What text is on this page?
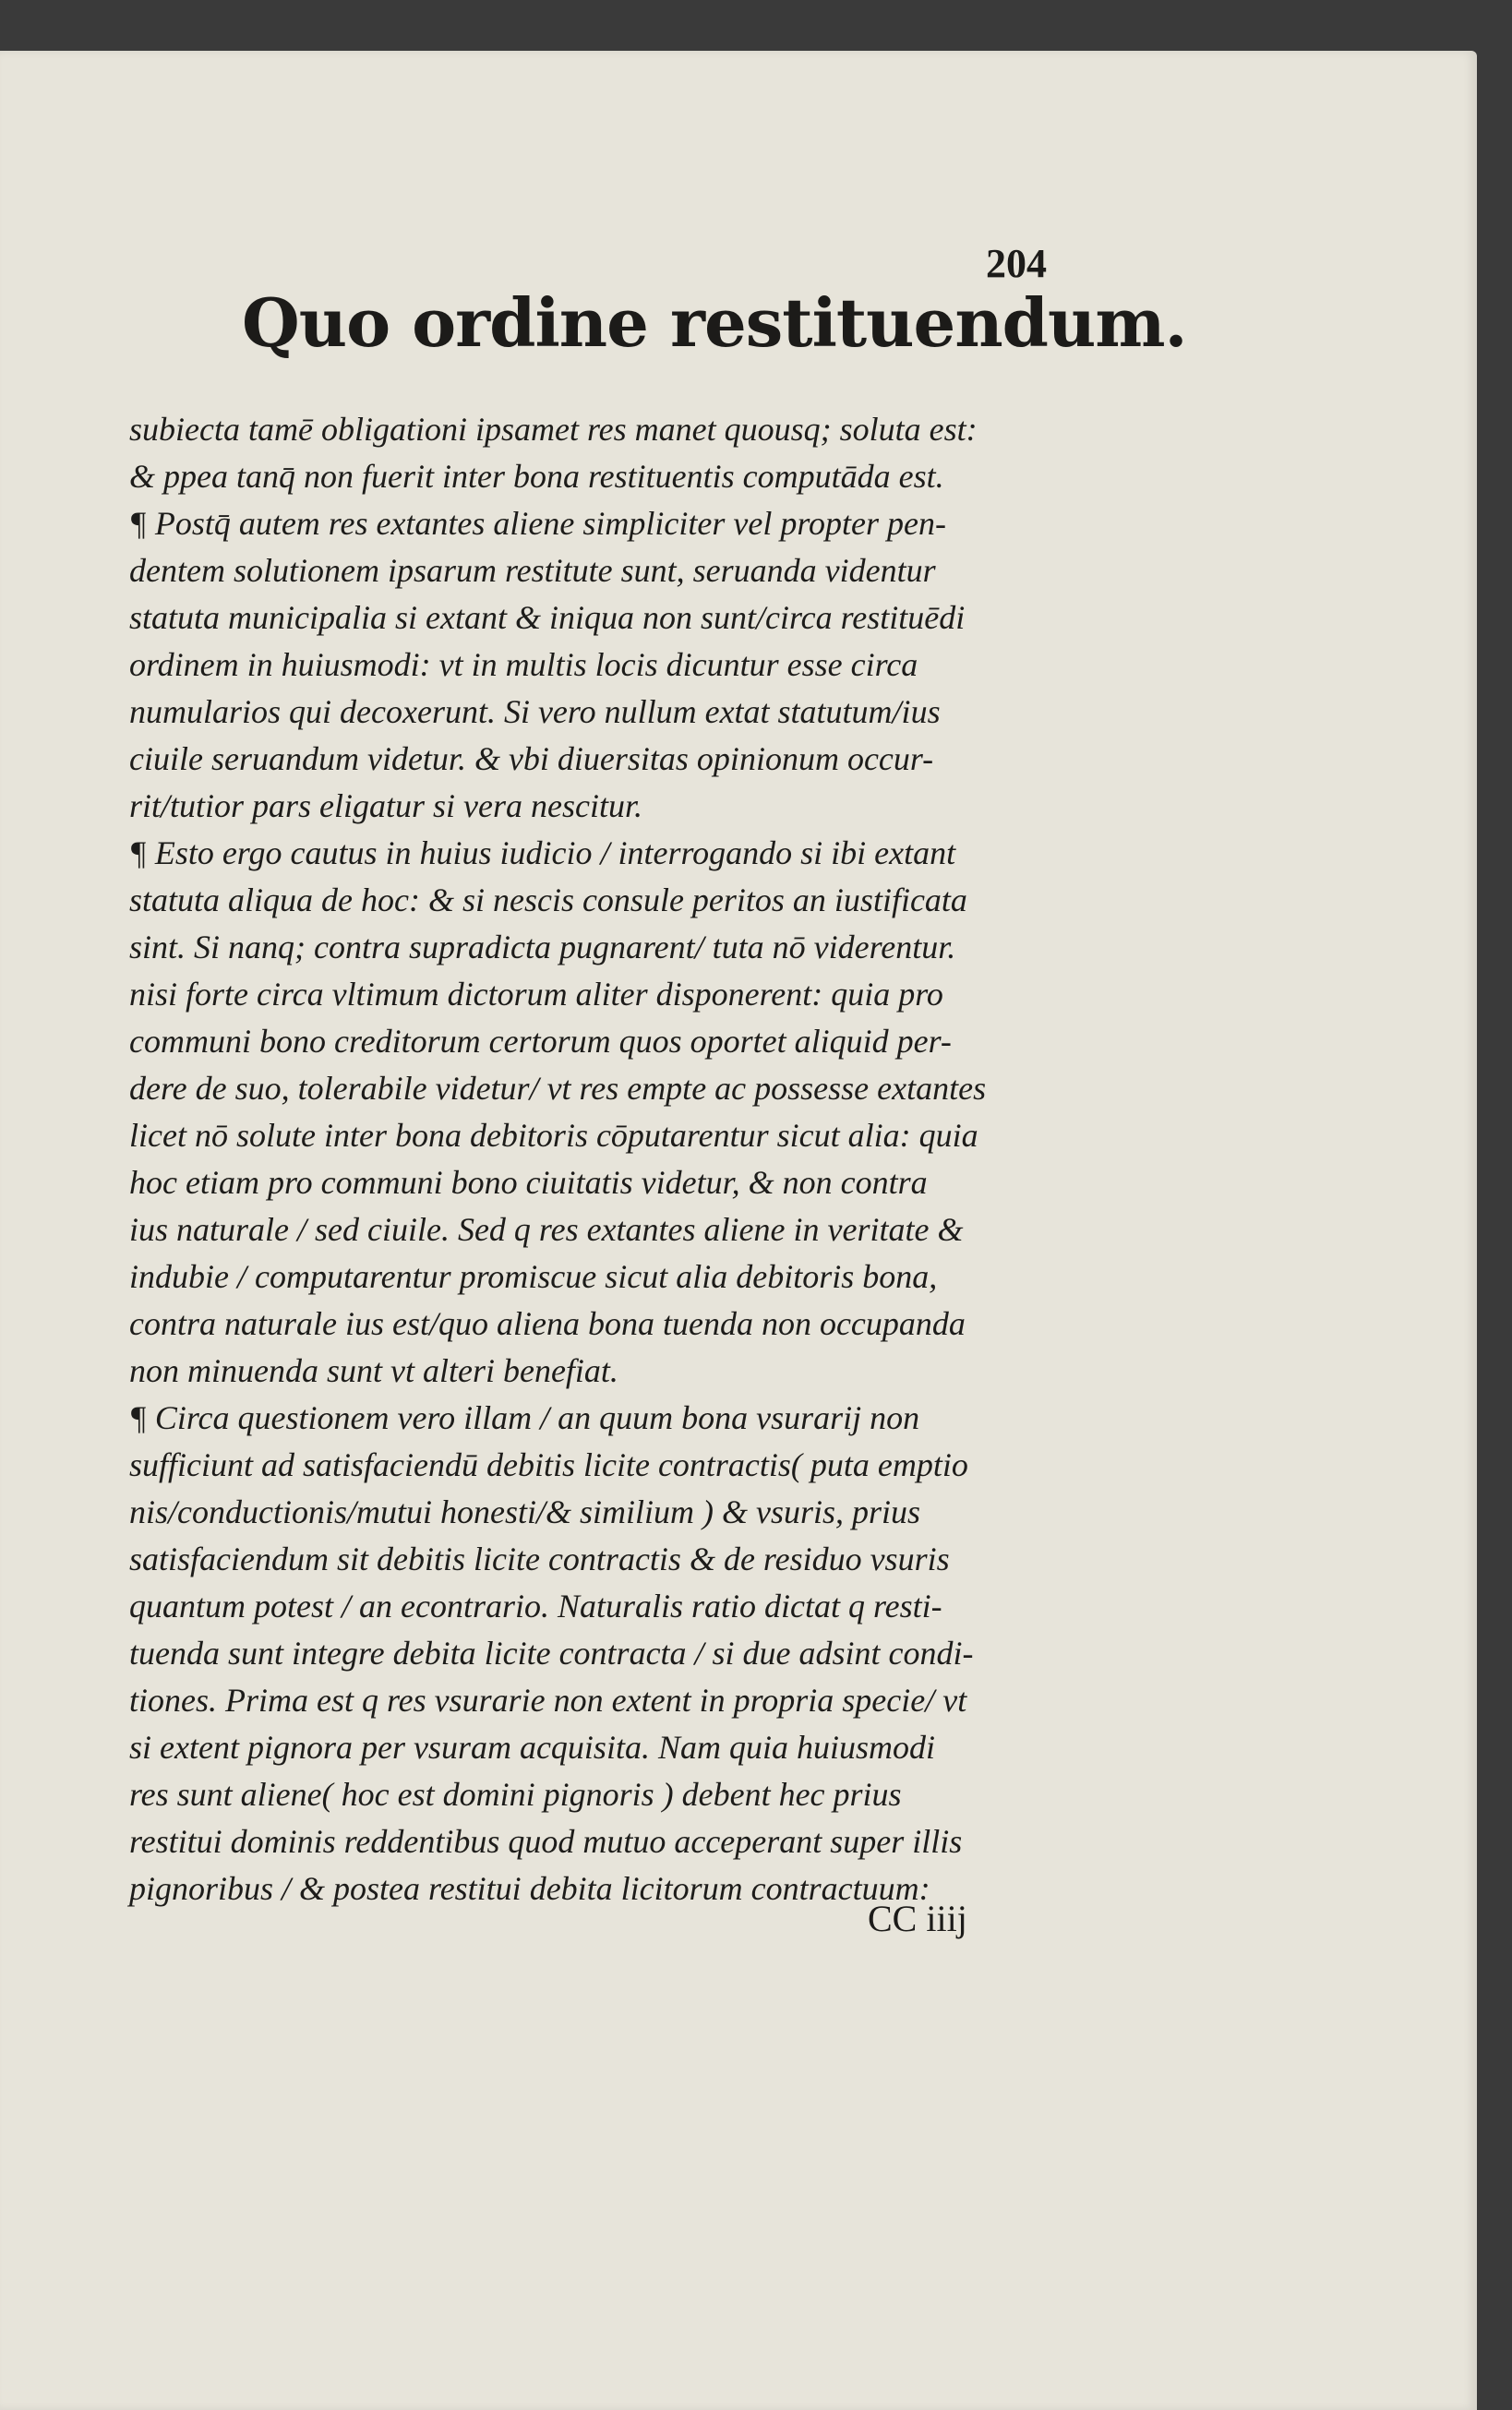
204

Quo ordine restituendum.
subiecta tamē obligationi ipsamet res manet quousq; soluta est:
& ppea tanq̄ non fuerit inter bona restituentis computāda est.
¶ Postq̄ autem res extantes aliene simpliciter vel propter pen-
dentem solutionem ipsarum restitute sunt, seruanda videntur
statuta municipalia si extant & iniqua non sunt/circa restituēdi
ordinem in huiusmodi: vt in multis locis dicuntur esse circa
numularios qui decoxerunt. Si vero nullum extat statutum/ius
ciuile seruandum videtur. & vbi diuersitas opinionum occur-
rit/tutior pars eligatur si vera nescitur.
¶ Esto ergo cautus in huius iudicio / interrogando si ibi extant
statuta aliqua de hoc: & si nescis consule peritos an iustificata
sint. Si nanq; contra supradicta pugnarent/ tuta nō viderentur.
nisi forte circa vltimum dictorum aliter disponerent: quia pro
communi bono creditorum certorum quos oportet aliquid per-
dere de suo, tolerabile videtur/ vt res empte ac possesse extantes
licet nō solute inter bona debitoris cōputarentur sicut alia: quia
hoc etiam pro communi bono ciuitatis videtur, & non contra
ius naturale / sed ciuile. Sed q res extantes aliene in veritate &
indubie / computarentur promiscue sicut alia debitoris bona,
contra naturale ius est/quo aliena bona tuenda non occupanda
non minuenda sunt vt alteri benefiat.
¶ Circa questionem vero illam / an quum bona vsurarij non
sufficiunt ad satisfaciendū debitis licite contractis( puta emptio
nis/conductionis/mutui honesti/& similium ) & vsuris, prius
satisfaciendum sit debitis licite contractis & de residuo vsuris
quantum potest / an econtrario. Naturalis ratio dictat q resti-
tuenda sunt integre debita licite contracta / si due adsint condi-
tiones. Prima est q res vsurarie non extent in propria specie/ vt
si extent pignora per vsuram acquisita. Nam quia huiusmodi
res sunt aliene( hoc est domini pignoris ) debent hec prius
restitui dominis reddentibus quod mutuo acceperant super illis
pignoribus / & postea restitui debita licitorum contractuum:

CC iiij
